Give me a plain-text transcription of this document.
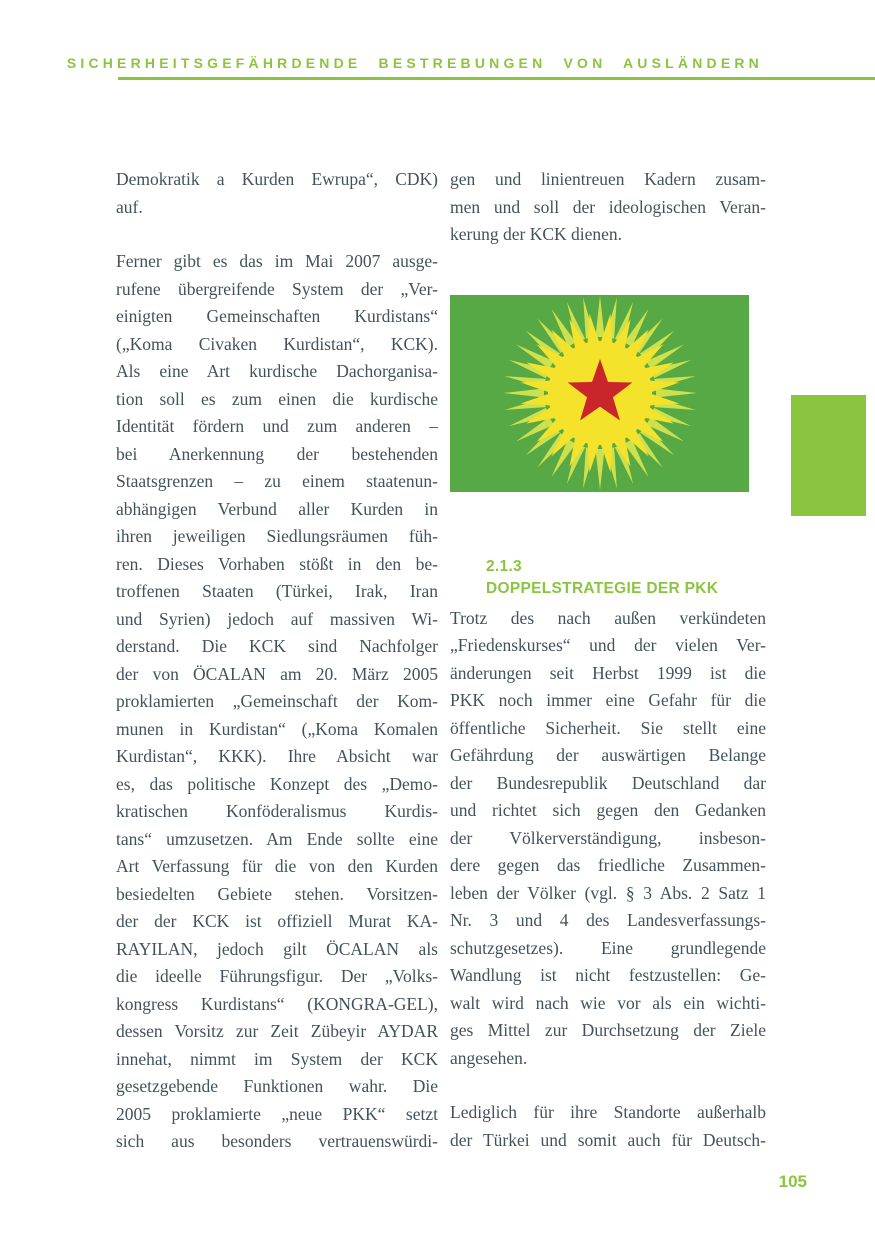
SICHERHEITSGEFÄHRDENDE BESTREBUNGEN VON AUSLÄNDERN
Demokratik a Kurden Ewrupa“, CDK)
auf.
Ferner gibt es das im Mai 2007 ausge-
rufene übergreifende System der „Ver-
einigten Gemeinschaften Kurdistans“
(„Koma Civaken Kurdistan“, KCK).
Als eine Art kurdische Dachorganisa-
tion soll es zum einen die kurdische
Identität fördern und zum anderen –
bei Anerkennung der bestehenden
Staatsgrenzen – zu einem staatenun-
abhängigen Verbund aller Kurden in
ihren jeweiligen Siedlungsräumen füh-
ren. Dieses Vorhaben stößt in den be-
troffenen Staaten (Türkei, Irak, Iran
und Syrien) jedoch auf massiven Wi-
derstand. Die KCK sind Nachfolger
der von ÖCALAN am 20. März 2005
proklamierten „Gemeinschaft der Kom-
munen in Kurdistan“ („Koma Komalen
Kurdistan“, KKK). Ihre Absicht war
es, das politische Konzept des „Demo-
kratischen Konföderalismus Kurdis-
tans“ umzusetzen. Am Ende sollte eine
Art Verfassung für die von den Kurden
besiedelten Gebiete stehen. Vorsitzen-
der der KCK ist offiziell Murat KA-
RAYILAN, jedoch gilt ÖCALAN als
die ideelle Führungsfigur. Der „Volks-
kongress Kurdistans“ (KONGRA-GEL),
dessen Vorsitz zur Zeit Zübeyir AYDAR
innehat, nimmt im System der KCK
gesetzgebende Funktionen wahr. Die
2005 proklamierte „neue PKK“ setzt
sich aus besonders vertrauenswürdi-
gen und linientreuen Kadern zusam-
men und soll der ideologischen Veran-
kerung der KCK dienen.
2.1.3
DOPPELSTRATEGIE DER PKK
Trotz des nach außen verkündeten
„Friedenskurses“ und der vielen Ver-
änderungen seit Herbst 1999 ist die
PKK noch immer eine Gefahr für die
öffentliche Sicherheit. Sie stellt eine
Gefährdung der auswärtigen Belange
der Bundesrepublik Deutschland dar
und richtet sich gegen den Gedanken
der Völkerverständigung, insbeson-
dere gegen das friedliche Zusammen-
leben der Völker (vgl. § 3 Abs. 2 Satz 1
Nr. 3 und 4 des Landesverfassungs-
schutzgesetzes). Eine grundlegende
Wandlung ist nicht festzustellen: Ge-
walt wird nach wie vor als ein wichti-
ges Mittel zur Durchsetzung der Ziele
angesehen.
Lediglich für ihre Standorte außerhalb
der Türkei und somit auch für Deutsch-
105
